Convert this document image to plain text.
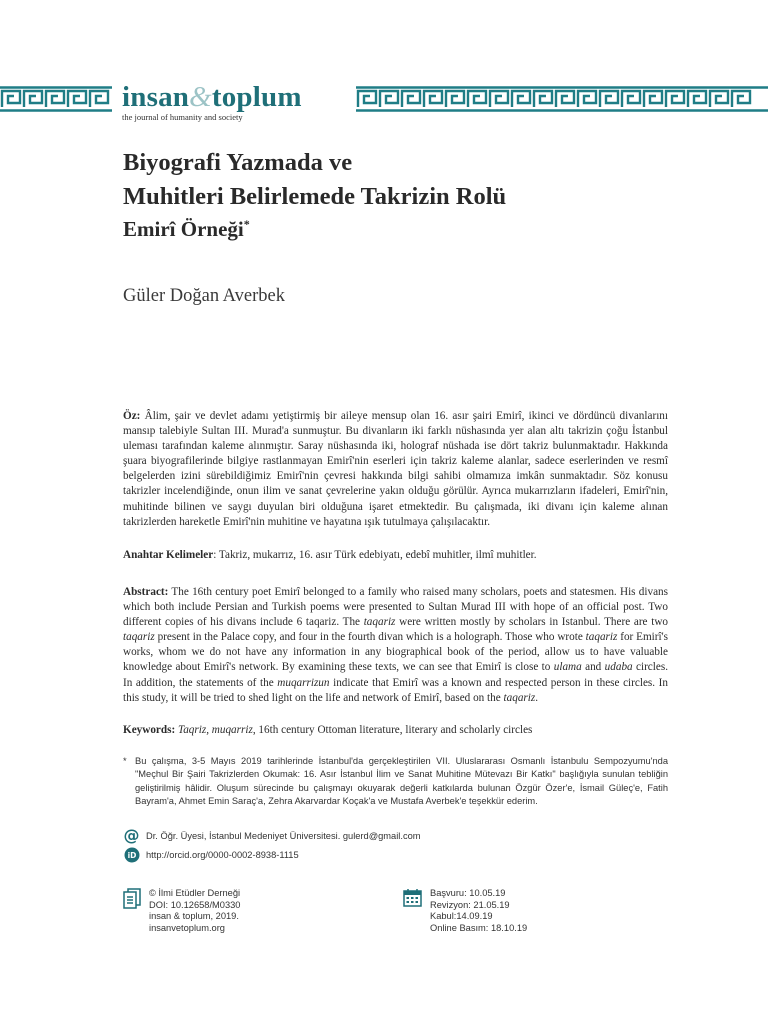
insan&toplum
the journal of humanity and society
Biyografi Yazmada ve
Muhitleri Belirlemede Takrizin Rolü
Emirî Örneği*
Güler Doğan Averbek
Öz: Âlim, şair ve devlet adamı yetiştirmiş bir aileye mensup olan 16. asır şairi Emirî, ikinci ve dördüncü divanlarını mansıp talebiyle Sultan III. Murad'a sunmuştur. Bu divanların iki farklı nüshasında yer alan altı takrizin çoğu İstanbul uleması tarafından kaleme alınmıştır. Saray nüshasında iki, holograf nüshada ise dört takriz bulunmaktadır. Hakkında şuara biyografilerinde bilgiye rastlanmayan Emirî'nin eserleri için takriz kaleme alanlar, sadece eserlerinden ve resmî belgelerden izini sürebildiğimiz Emirî'nin çevresi hakkında bilgi sahibi olmamıza imkân sunmaktadır. Söz konusu takrizler incelendiğinde, onun ilim ve sanat çevrelerine yakın olduğu görülür. Ayrıca mukarrızların ifadeleri, Emirî'nin, muhitinde bilinen ve saygı duyulan biri olduğuna işaret etmektedir. Bu çalışmada, iki divanı için kaleme alınan takrizlerden hareketle Emirî'nin muhitine ve hayatına ışık tutulmaya çalışılacaktır.
Anahtar Kelimeler: Takriz, mukarrız, 16. asır Türk edebiyatı, edebî muhitler, ilmî muhitler.
Abstract: The 16th century poet Emirî belonged to a family who raised many scholars, poets and statesmen. His divans which both include Persian and Turkish poems were presented to Sultan Murad III with hope of an official post. Two different copies of his divans include 6 taqariz. The taqariz were written mostly by scholars in Istanbul. There are two taqariz present in the Palace copy, and four in the fourth divan which is a holograph. Those who wrote taqariz for Emirî's works, whom we do not have any information in any biographical book of the period, allow us to have valuable knowledge about Emirî's network. By examining these texts, we can see that Emirî is close to ulama and udaba circles. In addition, the statements of the muqarrizun indicate that Emirî was a known and respected person in these circles. In this study, it will be tried to shed light on the life and network of Emirî, based on the taqariz.
Keywords: Taqriz, muqarriz, 16th century Ottoman literature, literary and scholarly circles
* Bu çalışma, 3-5 Mayıs 2019 tarihlerinde İstanbul'da gerçekleştirilen VII. Uluslararası Osmanlı İstanbulu Sempozyumu'nda "Meçhul Bir Şairi Takrizlerden Okumak: 16. Asır İstanbul İlim ve Sanat Muhitine Mütevazı Bir Katkı" başlığıyla sunulan tebliğin geliştirilmiş hâlidir. Oluşum sürecinde bu çalışmayı okuyarak değerli katkılarda bulunan Özgür Özer'e, İsmail Güleç'e, Fatih Bayram'a, Ahmet Emin Saraç'a, Zehra Akarvardar Koçak'a ve Mustafa Averbek'e teşekkür ederim.
@ Dr. Öğr. Üyesi, İstanbul Medeniyet Üniversitesi. gulerd@gmail.com
iD http://orcid.org/0000-0002-8938-1115
© İlmi Etüdler Derneği
DOI: 10.12658/M0330
insan & toplum, 2019.
insanvetoplum.org
Başvuru: 10.05.19
Revizyon: 21.05.19
Kabul:14.09.19
Online Basım: 18.10.19
